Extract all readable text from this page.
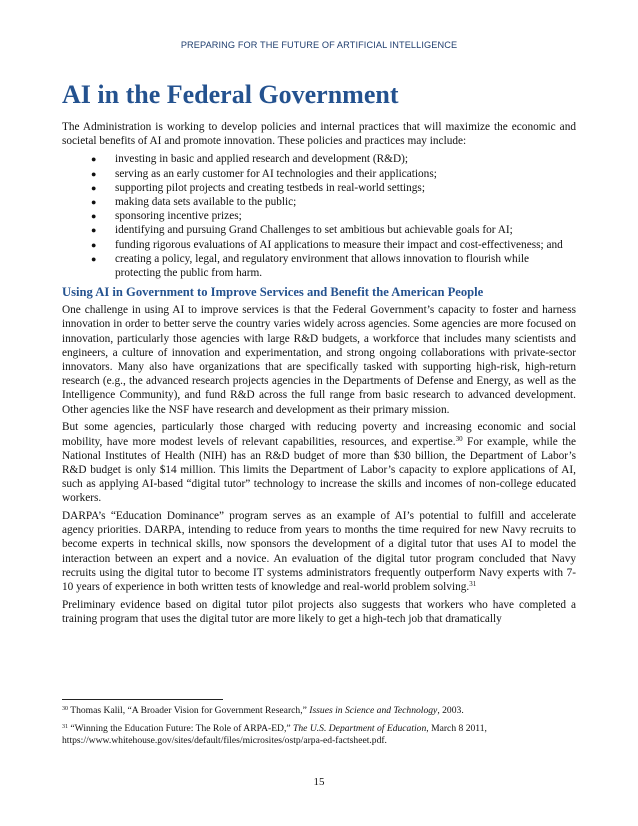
PREPARING FOR THE FUTURE OF ARTIFICIAL INTELLIGENCE
AI in the Federal Government

The Administration is working to develop policies and internal practices that will maximize the economic and societal benefits of AI and promote innovation. These policies and practices may include:

● investing in basic and applied research and development (R&D);
● serving as an early customer for AI technologies and their applications;
● supporting pilot projects and creating testbeds in real-world settings;
● making data sets available to the public;
● sponsoring incentive prizes;
● identifying and pursuing Grand Challenges to set ambitious but achievable goals for AI;
● funding rigorous evaluations of AI applications to measure their impact and cost-effectiveness; and
● creating a policy, legal, and regulatory environment that allows innovation to flourish while protecting the public from harm.
Using AI in Government to Improve Services and Benefit the American People

One challenge in using AI to improve services is that the Federal Government’s capacity to foster and harness innovation in order to better serve the country varies widely across agencies. Some agencies are more focused on innovation, particularly those agencies with large R&D budgets, a workforce that includes many scientists and engineers, a culture of innovation and experimentation, and strong ongoing collaborations with private-sector innovators. Many also have organizations that are specifically tasked with supporting high-risk, high-return research (e.g., the advanced research projects agencies in the Departments of Defense and Energy, as well as the Intelligence Community), and fund R&D across the full range from basic research to advanced development. Other agencies like the NSF have research and development as their primary mission.

But some agencies, particularly those charged with reducing poverty and increasing economic and social mobility, have more modest levels of relevant capabilities, resources, and expertise.$^{30}$ For example, while the National Institutes of Health (NIH) has an R&D budget of more than $30 billion, the Department of Labor’s R&D budget is only $14 million. This limits the Department of Labor’s capacity to explore applications of AI, such as applying AI-based “digital tutor” technology to increase the skills and incomes of non-college educated workers.

DARPA’s “Education Dominance” program serves as an example of AI’s potential to fulfill and accelerate agency priorities. DARPA, intending to reduce from years to months the time required for new Navy recruits to become experts in technical skills, now sponsors the development of a digital tutor that uses AI to model the interaction between an expert and a novice. An evaluation of the digital tutor program concluded that Navy recruits using the digital tutor to become IT systems administrators frequently outperform Navy experts with 7-10 years of experience in both written tests of knowledge and real-world problem solving.$^{31}$

Preliminary evidence based on digital tutor pilot projects also suggests that workers who have completed a training program that uses the digital tutor are more likely to get a high-tech job that dramatically

$^{30}$ Thomas Kalil, “A Broader Vision for Government Research,” Issues in Science and Technology, 2003.

$^{31}$ “Winning the Education Future: The Role of ARPA-ED,” The U.S. Department of Education, March 8 2011, https://www.whitehouse.gov/sites/default/files/microsites/ostp/arpa-ed-factsheet.pdf.

15
